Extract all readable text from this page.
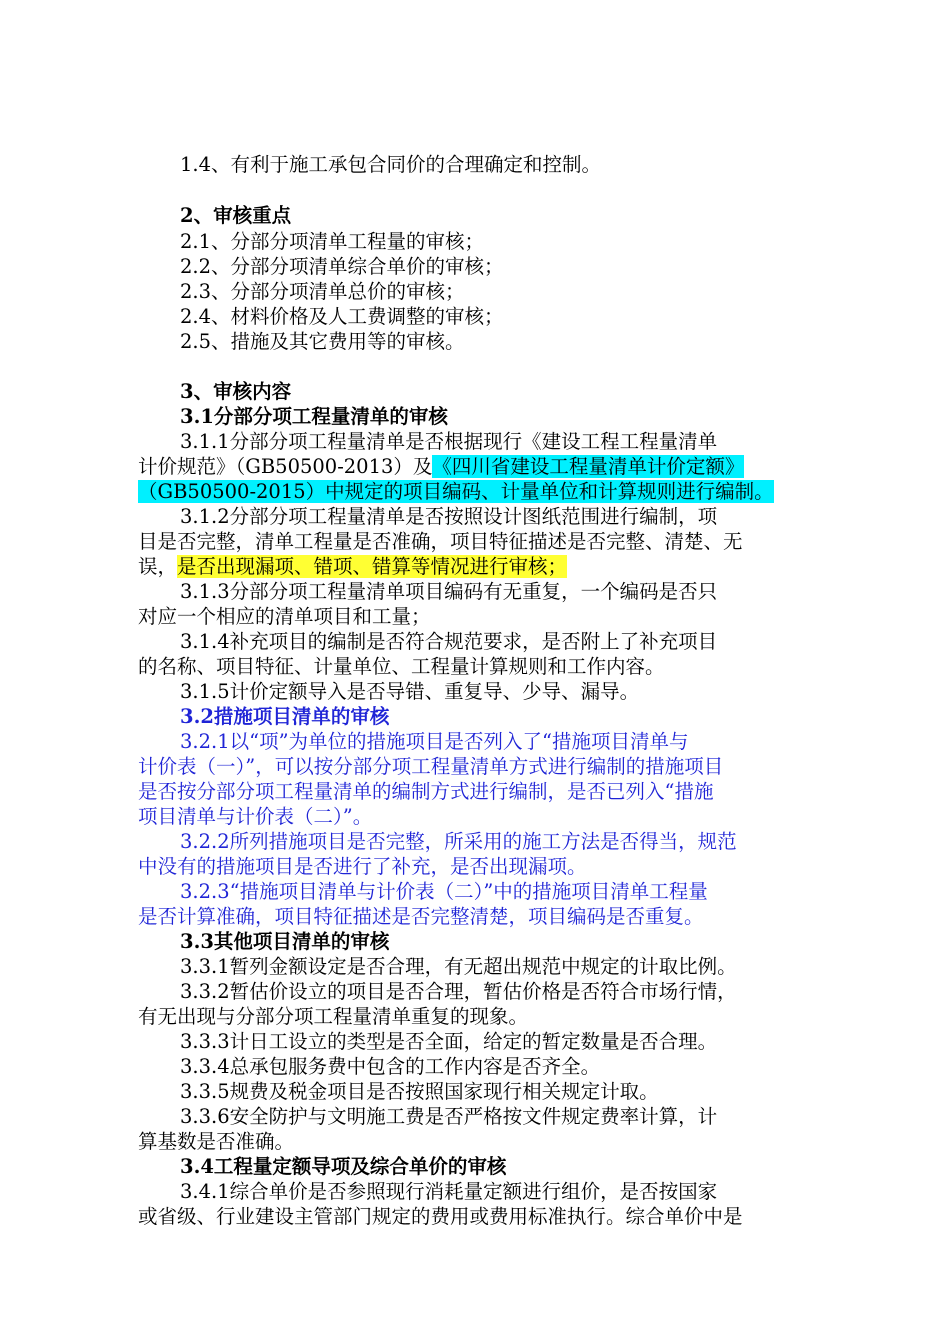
1.4、有利于施工承包合同价的合理确定和控制。
2、审核重点
2.1、分部分项清单工程量的审核；
2.2、分部分项清单综合单价的审核；
2.3、分部分项清单总价的审核；
2.4、材料价格及人工费调整的审核；
2.5、措施及其它费用等的审核。
3、审核内容
3.1分部分项工程量清单的审核
3.1.1分部分项工程量清单是否根据现行《建设工程工程量清单
计价规范》（GB50500-2013）及《四川省建设工程量清单计价定额》
（GB50500-2015）中规定的项目编码、计量单位和计算规则进行编制。
3.1.2分部分项工程量清单是否按照设计图纸范围进行编制，项
目是否完整，清单工程量是否准确，项目特征描述是否完整、清楚、无
误，是否出现漏项、错项、错算等情况进行审核；
3.1.3分部分项工程量清单项目编码有无重复，一个编码是否只
对应一个相应的清单项目和工量；
3.1.4补充项目的编制是否符合规范要求，是否附上了补充项目
的名称、项目特征、计量单位、工程量计算规则和工作内容。
3.1.5计价定额导入是否导错、重复导、少导、漏导。
3.2措施项目清单的审核
3.2.1以“项”为单位的措施项目是否列入了“措施项目清单与
计价表（一）”，可以按分部分项工程量清单方式进行编制的措施项目
是否按分部分项工程量清单的编制方式进行编制，是否已列入“措施
项目清单与计价表（二）”。
3.2.2所列措施项目是否完整，所采用的施工方法是否得当，规范
中没有的措施项目是否进行了补充，是否出现漏项。
3.2.3“措施项目清单与计价表（二）”中的措施项目清单工程量
是否计算准确，项目特征描述是否完整清楚，项目编码是否重复。
3.3其他项目清单的审核
3.3.1暂列金额设定是否合理，有无超出规范中规定的计取比例。
3.3.2暂估价设立的项目是否合理，暂估价格是否符合市场行情，
有无出现与分部分项工程量清单重复的现象。
3.3.3计日工设立的类型是否全面，给定的暂定数量是否合理。
3.3.4总承包服务费中包含的工作内容是否齐全。
3.3.5规费及税金项目是否按照国家现行相关规定计取。
3.3.6安全防护与文明施工费是否严格按文件规定费率计算，计
算基数是否准确。
3.4工程量定额导项及综合单价的审核
3.4.1综合单价是否参照现行消耗量定额进行组价，是否按国家
或省级、行业建设主管部门规定的费用或费用标准执行。综合单价中是
